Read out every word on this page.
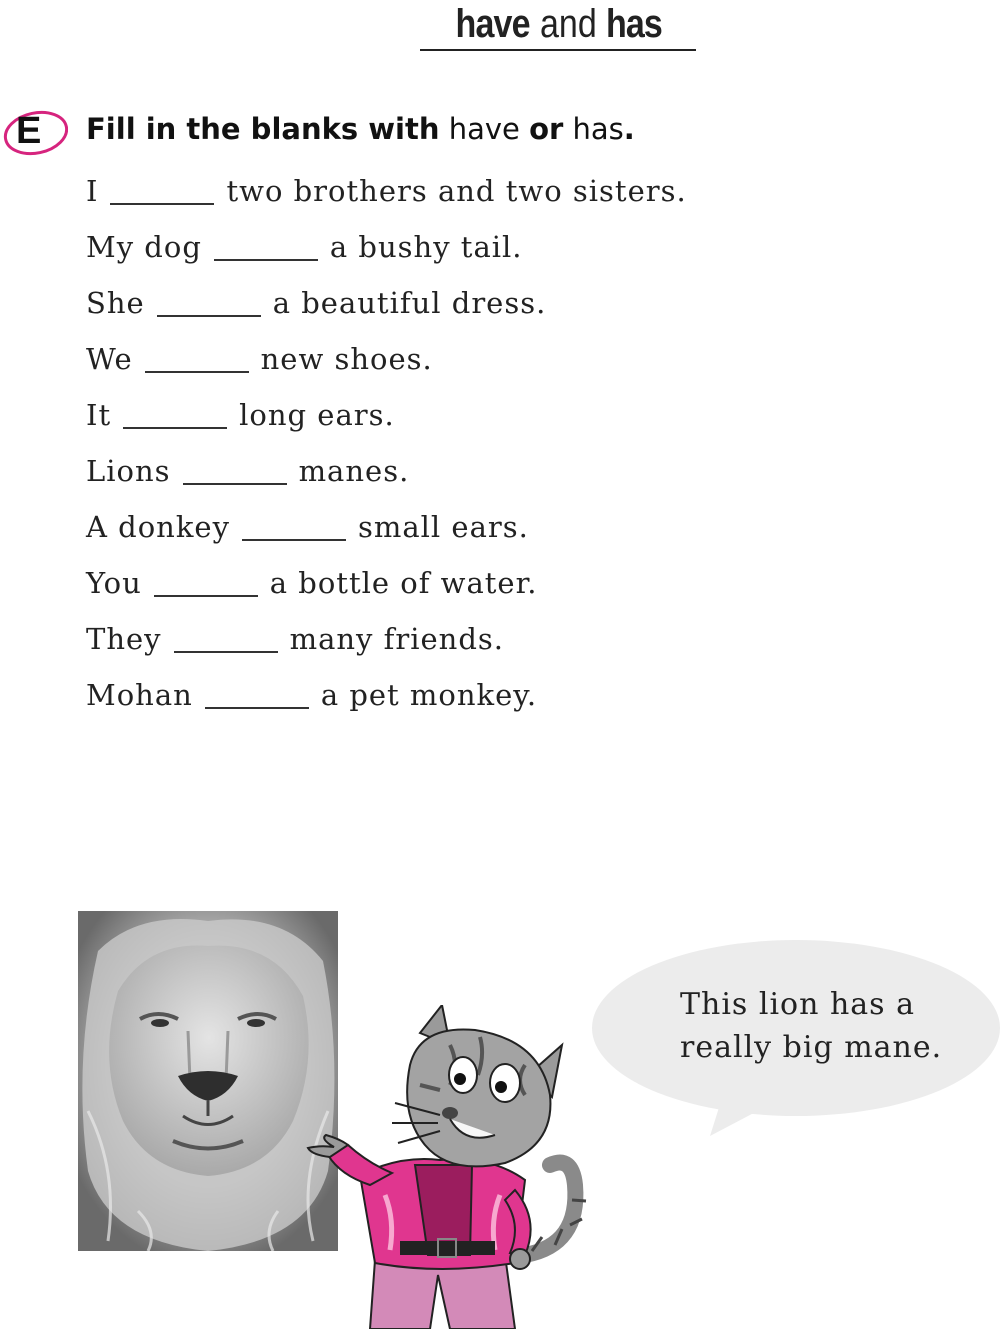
have and has
E Fill in the blanks with have or has.
I	two brothers and two sisters.
My dog	a bushy tail.
She	a beautiful dress.
We	new shoes.
It	long ears.
Lions	manes.
A donkey	small ears.
You	a bottle of water.
They	many friends.
Mohan	a pet monkey.
This lion has a
really big mane.
